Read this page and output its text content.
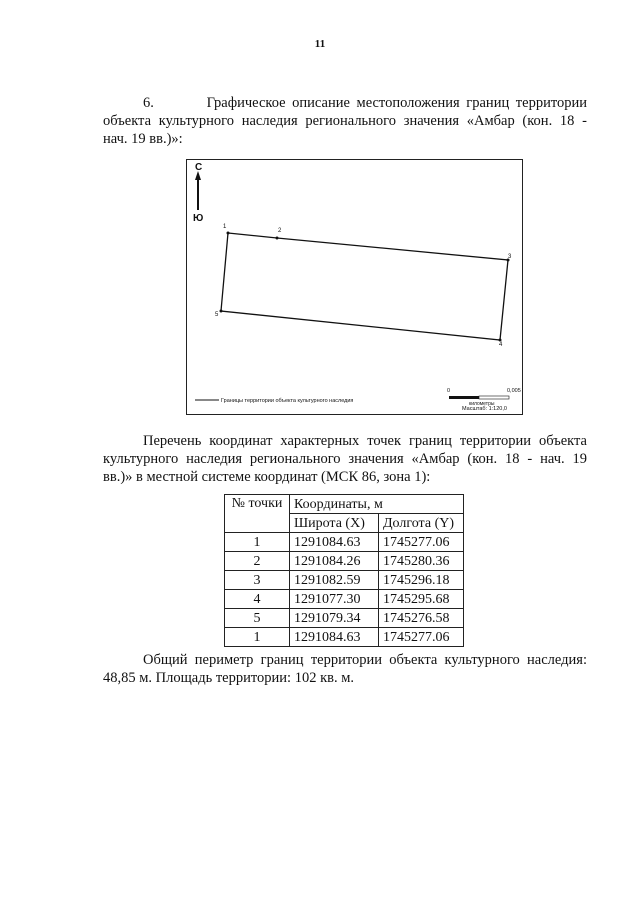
11
6.        Графическое описание местоположения границ территории
объекта культурного наследия регионального значения «Амбар (кон. 18 -
нач. 19 вв.)»:
С
Ю
1
2
3
4
5
Границы территории объекта культурного наследия
0	0,005
километры
Масштаб: 1:120,0
Перечень координат характерных точек границ территории объекта
культурного наследия регионального значения «Амбар (кон. 18 - нач. 19
вв.)» в местной системе координат (МСК 86, зона 1):
№ точки	Координаты, м	
	Широта (X)	Долгота (Y)
1	1291084.63	1745277.06
2	1291084.26	1745280.36
3	1291082.59	1745296.18
4	1291077.30	1745295.68
5	1291079.34	1745276.58
1	1291084.63	1745277.06
Общий периметр границ территории объекта культурного наследия:
48,85 м. Площадь территории: 102 кв. м.
